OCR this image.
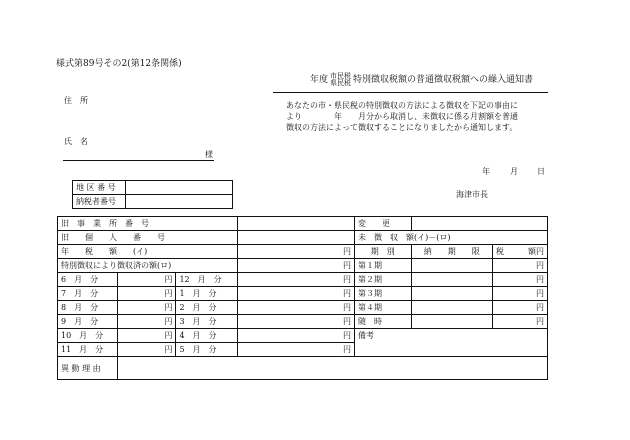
様式第89号その2(第12条関係)
年度 市民税
県民税 特別徴収税額の普通徴収税額への繰入通知書
住　所
あなたの市・県民税の特別徴収の方法による徴収を下記の事由に
より　　　　年　　月分から取消し、未徴収に係る月割額を普通
徴収の方法によって徴収することになりましたから通知します。
氏　名
様
年	月 日
海津市長
地 区 番 号	
納税者番号	
旧　事　業　所　番　号				変　　更		
旧　　個　　人　　番　　号				未　徴　収　額(イ)－(ロ)		
年　　税　　額　　(イ)			円	期　別	納　　期　　限	税　　　額円
特別徴収により徴収済の額(ロ)			円	第１期		円
6　月　分	円	12　月　分	円	第２期		円
7　月　分	円	1　月　分	円	第３期		円
8　月　分	円	2　月　分	円	第４期		円
9　月　分	円	3　月　分	円	随　時		円
10　月　分	円	4　月　分	円	備考		
11　月　分	円	5　月　分	円			
異 動 理 由						
